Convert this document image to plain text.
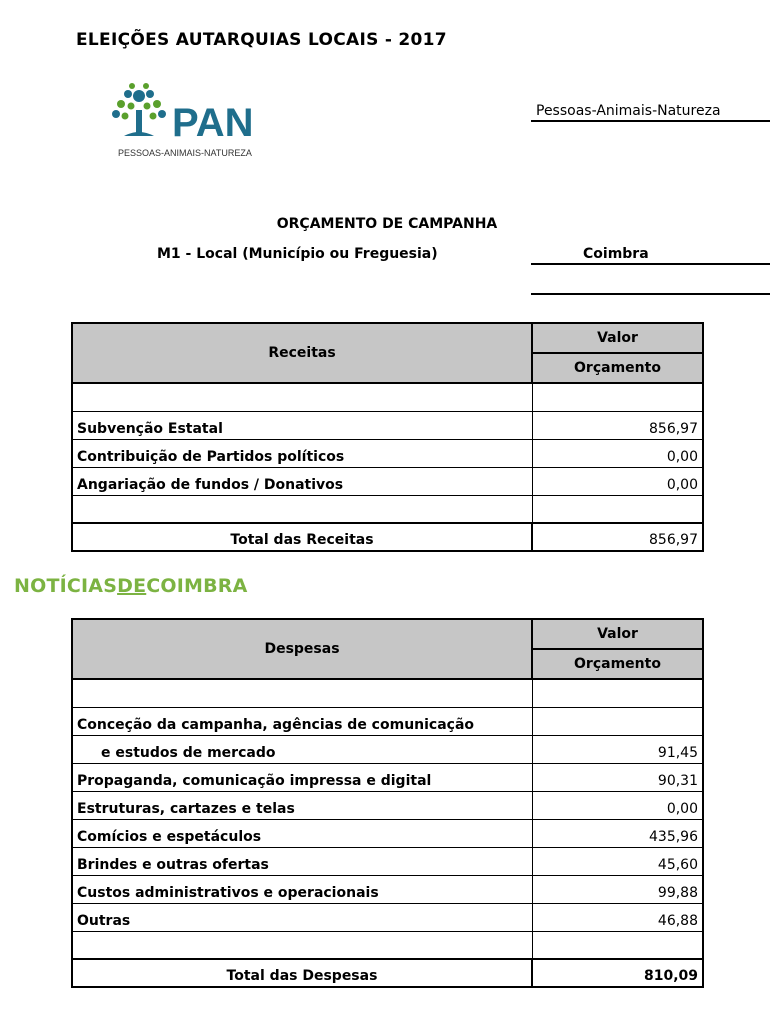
ELEIÇÕES AUTARQUIAS LOCAIS - 2017
PAN
PESSOAS-ANIMAIS-NATUREZA
Pessoas-Animais-Natureza
ORÇAMENTO DE CAMPANHA
M1 - Local (Município ou Freguesia)	Coimbra
Receitas	Valor
	Orçamento

Subvenção Estatal	856,97
Contribuição de Partidos políticos	0,00
Angariação de fundos / Donativos	0,00

Total das Receitas	856,97
NOTÍCIASDECOIMBRA
Despesas	Valor
	Orçamento

Conceção da campanha, agências de comunicação	
e estudos de mercado	91,45
Propaganda, comunicação impressa e digital	90,31
Estruturas, cartazes e telas	0,00
Comícios e espetáculos	435,96
Brindes e outras ofertas	45,60
Custos administrativos e operacionais	99,88
Outras	46,88

Total das Despesas	810,09
